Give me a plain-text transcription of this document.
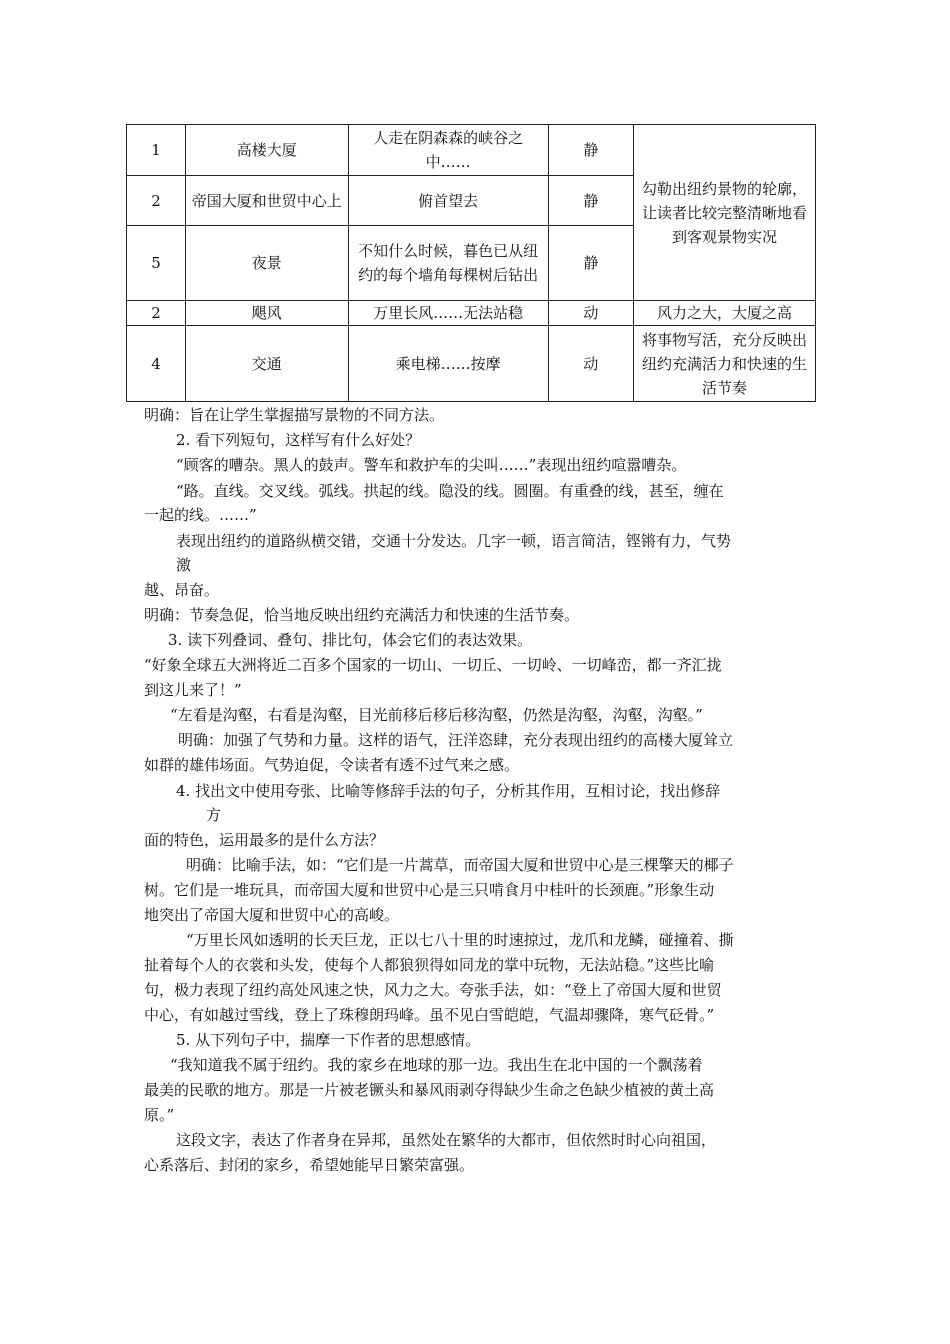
1	高楼大厦	人走在阴森森的峡谷之中……	静	勾勒出纽约景物的轮廓，让读者比较完整清晰地看到客观景物实况
2	帝国大厦和世贸中心上	俯首望去	静	
5	夜景	不知什么时候，暮色已从纽约的每个墙角每棵树后钻出	静	
2	飓风	万里长风……无法站稳	动	风力之大，大厦之高
4	交通	乘电梯……按摩	动	将事物写活，充分反映出纽约充满活力和快速的生活节奏

明确：旨在让学生掌握描写景物的不同方法。

2. 看下列短句，这样写有什么好处？

“顾客的嘈杂。黑人的鼓声。警车和救护车的尖叫……”表现出纽约喧嚣嘈杂。

“路。直线。交叉线。弧线。拱起的线。隐没的线。圆圈。有重叠的线，甚至，缠在

一起的线。……”

表现出纽约的道路纵横交错，交通十分发达。几字一顿，语言简洁，铿锵有力，气势

激

越、昂奋。

明确：节奏急促，恰当地反映出纽约充满活力和快速的生活节奏。

3. 读下列叠词、叠句、排比句，体会它们的表达效果。

“好象全球五大洲将近二百多个国家的一切山、一切丘、一切岭、一切峰峦，都一齐汇拢

到这儿来了！”

“左看是沟壑，右看是沟壑，目光前移后移后移沟壑，仍然是沟壑，沟壑，沟壑。”

明确：加强了气势和力量。这样的语气，汪洋恣肆，充分表现出纽约的高楼大厦耸立

如群的雄伟场面。气势迫促，令读者有透不过气来之感。

4. 找出文中使用夸张、比喻等修辞手法的句子，分析其作用，互相讨论，找出修辞

方

面的特色，运用最多的是什么方法？

明确：比喻手法，如：“它们是一片蒿草，而帝国大厦和世贸中心是三棵擎天的椰子

树。它们是一堆玩具，而帝国大厦和世贸中心是三只啃食月中桂叶的长颈鹿。”形象生动

地突出了帝国大厦和世贸中心的高峻。

“万里长风如透明的长天巨龙，正以七八十里的时速掠过，龙爪和龙鳞，碰撞着、撕

扯着每个人的衣裳和头发，使每个人都狼狈得如同龙的掌中玩物，无法站稳。”这些比喻

句，极力表现了纽约高处风速之快，风力之大。夸张手法，如：“登上了帝国大厦和世贸

中心，有如越过雪线，登上了珠穆朗玛峰。虽不见白雪皑皑，气温却骤降，寒气砭骨。”

5. 从下列句子中，揣摩一下作者的思想感情。

“我知道我不属于纽约。我的家乡在地球的那一边。我出生在北中国的一个飘荡着

最美的民歌的地方。那是一片被老镢头和暴风雨剥夺得缺少生命之色缺少植被的黄土高

原。”

这段文字，表达了作者身在异邦，虽然处在繁华的大都市，但依然时时心向祖国，

心系落后、封闭的家乡，希望她能早日繁荣富强。
